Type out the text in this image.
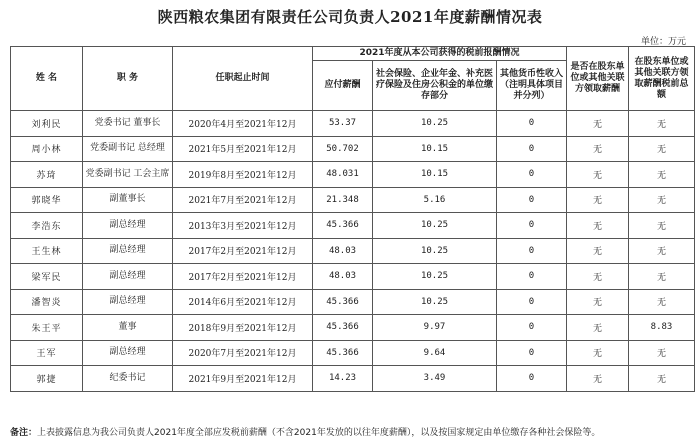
陕西粮农集团有限责任公司负责人2021年度薪酬情况表
单位：万元
姓 名	职 务	任职起止时间	2021年度从本公司获得的税前报酬情况			是否在股东单位或其他关联方领取薪酬	在股东单位或其他关联方领取薪酬税前总额
			应付薪酬	社会保险、企业年金、补充医疗保险及住房公积金的单位缴存部分	其他货币性收入（注明具体项目并分列）		
刘利民	党委书记 董事长	2020年4月至2021年12月	53.37	10.25	0	无	无
周小林	党委副书记 总经理	2021年5月至2021年12月	50.702	10.15	0	无	无
苏琦	党委副书记 工会主席	2019年8月至2021年12月	48.031	10.15	0	无	无
郭晓华	副董事长	2021年7月至2021年12月	21.348	5.16	0	无	无
李浩东	副总经理	2013年3月至2021年12月	45.366	10.25	0	无	无
王生林	副总经理	2017年2月至2021年12月	48.03	10.25	0	无	无
梁军民	副总经理	2017年2月至2021年12月	48.03	10.25	0	无	无
潘智炎	副总经理	2014年6月至2021年12月	45.366	10.25	0	无	无
朱王平	董事	2018年9月至2021年12月	45.366	9.97	0	无	8.83
王军	副总经理	2020年7月至2021年12月	45.366	9.64	0	无	无
郭捷	纪委书记	2021年9月至2021年12月	14.23	3.49	0	无	无
备注：上表披露信息为我公司负责人2021年度全部应发税前薪酬（不含2021年发放的以往年度薪酬），以及按国家规定由单位缴存各种社会保险等。
